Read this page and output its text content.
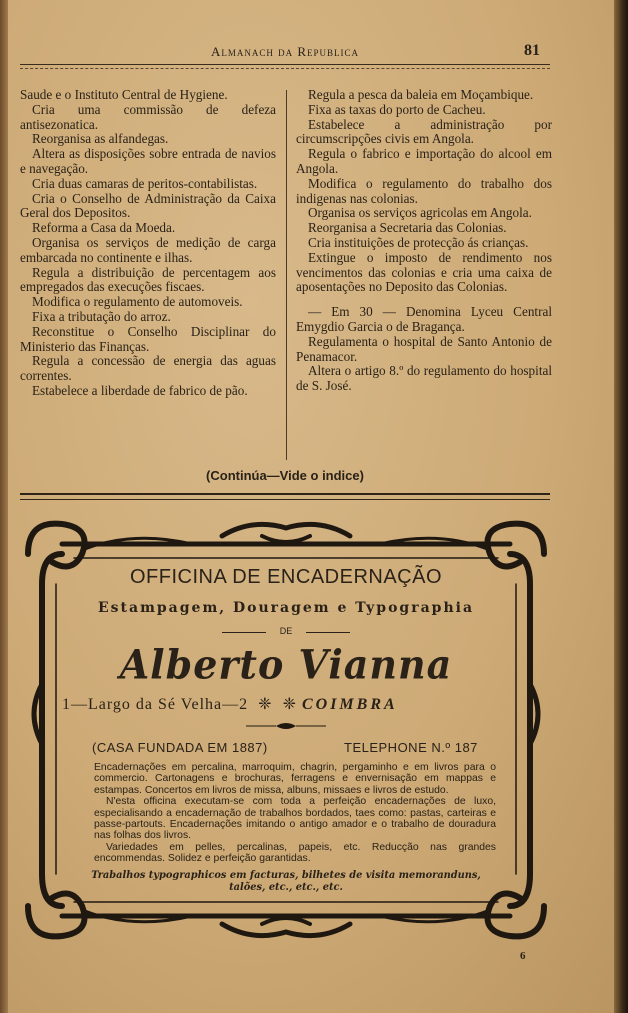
Almanach da Republica	81

Saude e o Instituto Central de Hygiene.

Cria uma commissão de defeza antisezonatica.

Reorganisa as alfandegas.

Altera as disposições sobre entrada de navios e navegação.

Cria duas camaras de peritos-contabilistas.

Cria o Conselho de Administração da Caixa Geral dos Depositos.

Reforma a Casa da Moeda.

Organisa os serviços de medição de carga embarcada no continente e ilhas.

Regula a distribuição de percentagem aos empregados das execuções fiscaes.

Modifica o regulamento de automoveis.

Fixa a tributação do arroz.

Reconstitue o Conselho Disciplinar do Ministerio das Finanças.

Regula a concessão de energia das aguas correntes.

Estabelece a liberdade de fabrico de pão.

Regula a pesca da baleia em Moçambique.

Fixa as taxas do porto de Cacheu.

Estabelece a administração por circumscripções civis em Angola.

Regula o fabrico e importação do alcool em Angola.

Modifica o regulamento do trabalho dos indigenas nas colonias.

Organisa os serviços agricolas em Angola.

Reorganisa a Secretaria das Colonias.

Cria instituições de protecção ás crianças.

Extingue o imposto de rendimento nos vencimentos das colonias e cria uma caixa de aposentações no Deposito das Colonias.

— Em 30 — Denomina Lyceu Central Emygdio Garcia o de Bragança.

Regulamenta o hospital de Santo Antonio de Penamacor.

Altera o artigo 8.º do regulamento do hospital de S. José.

(Continúa—Vide o indice)
OFFICINA DE ENCADERNAÇÃO
Estampagem, Douragem e Typographia
DE
Alberto Vianna
1—Largo da Sé Velha—2  ❈  ❈ COIMBRA
(CASA FUNDADA EM 1887)	TELEPHONE N.º 187

Encadernações em percalina, marroquim, chagrin, pergaminho e em livros para o commercio. Cartonagens e brochuras, ferragens e envernisação em mappas e estampas. Concertos em livros de missa, albuns, missaes e livros de estudo.

N'esta officina executam-se com toda a perfeição encadernações de luxo, especialisando a encadernação de trabalhos bordados, taes como: pastas, carteiras e passe-partouts. Encadernações imitando o antigo amador e o trabalho de douradura nas folhas dos livros.

Variedades em pelles, percalinas, papeis, etc. Reducção nas grandes encommendas. Solidez e perfeição garantidas.

Trabalhos typographicos em facturas, bilhetes de visita memoranduns, talões, etc., etc., etc.
6
